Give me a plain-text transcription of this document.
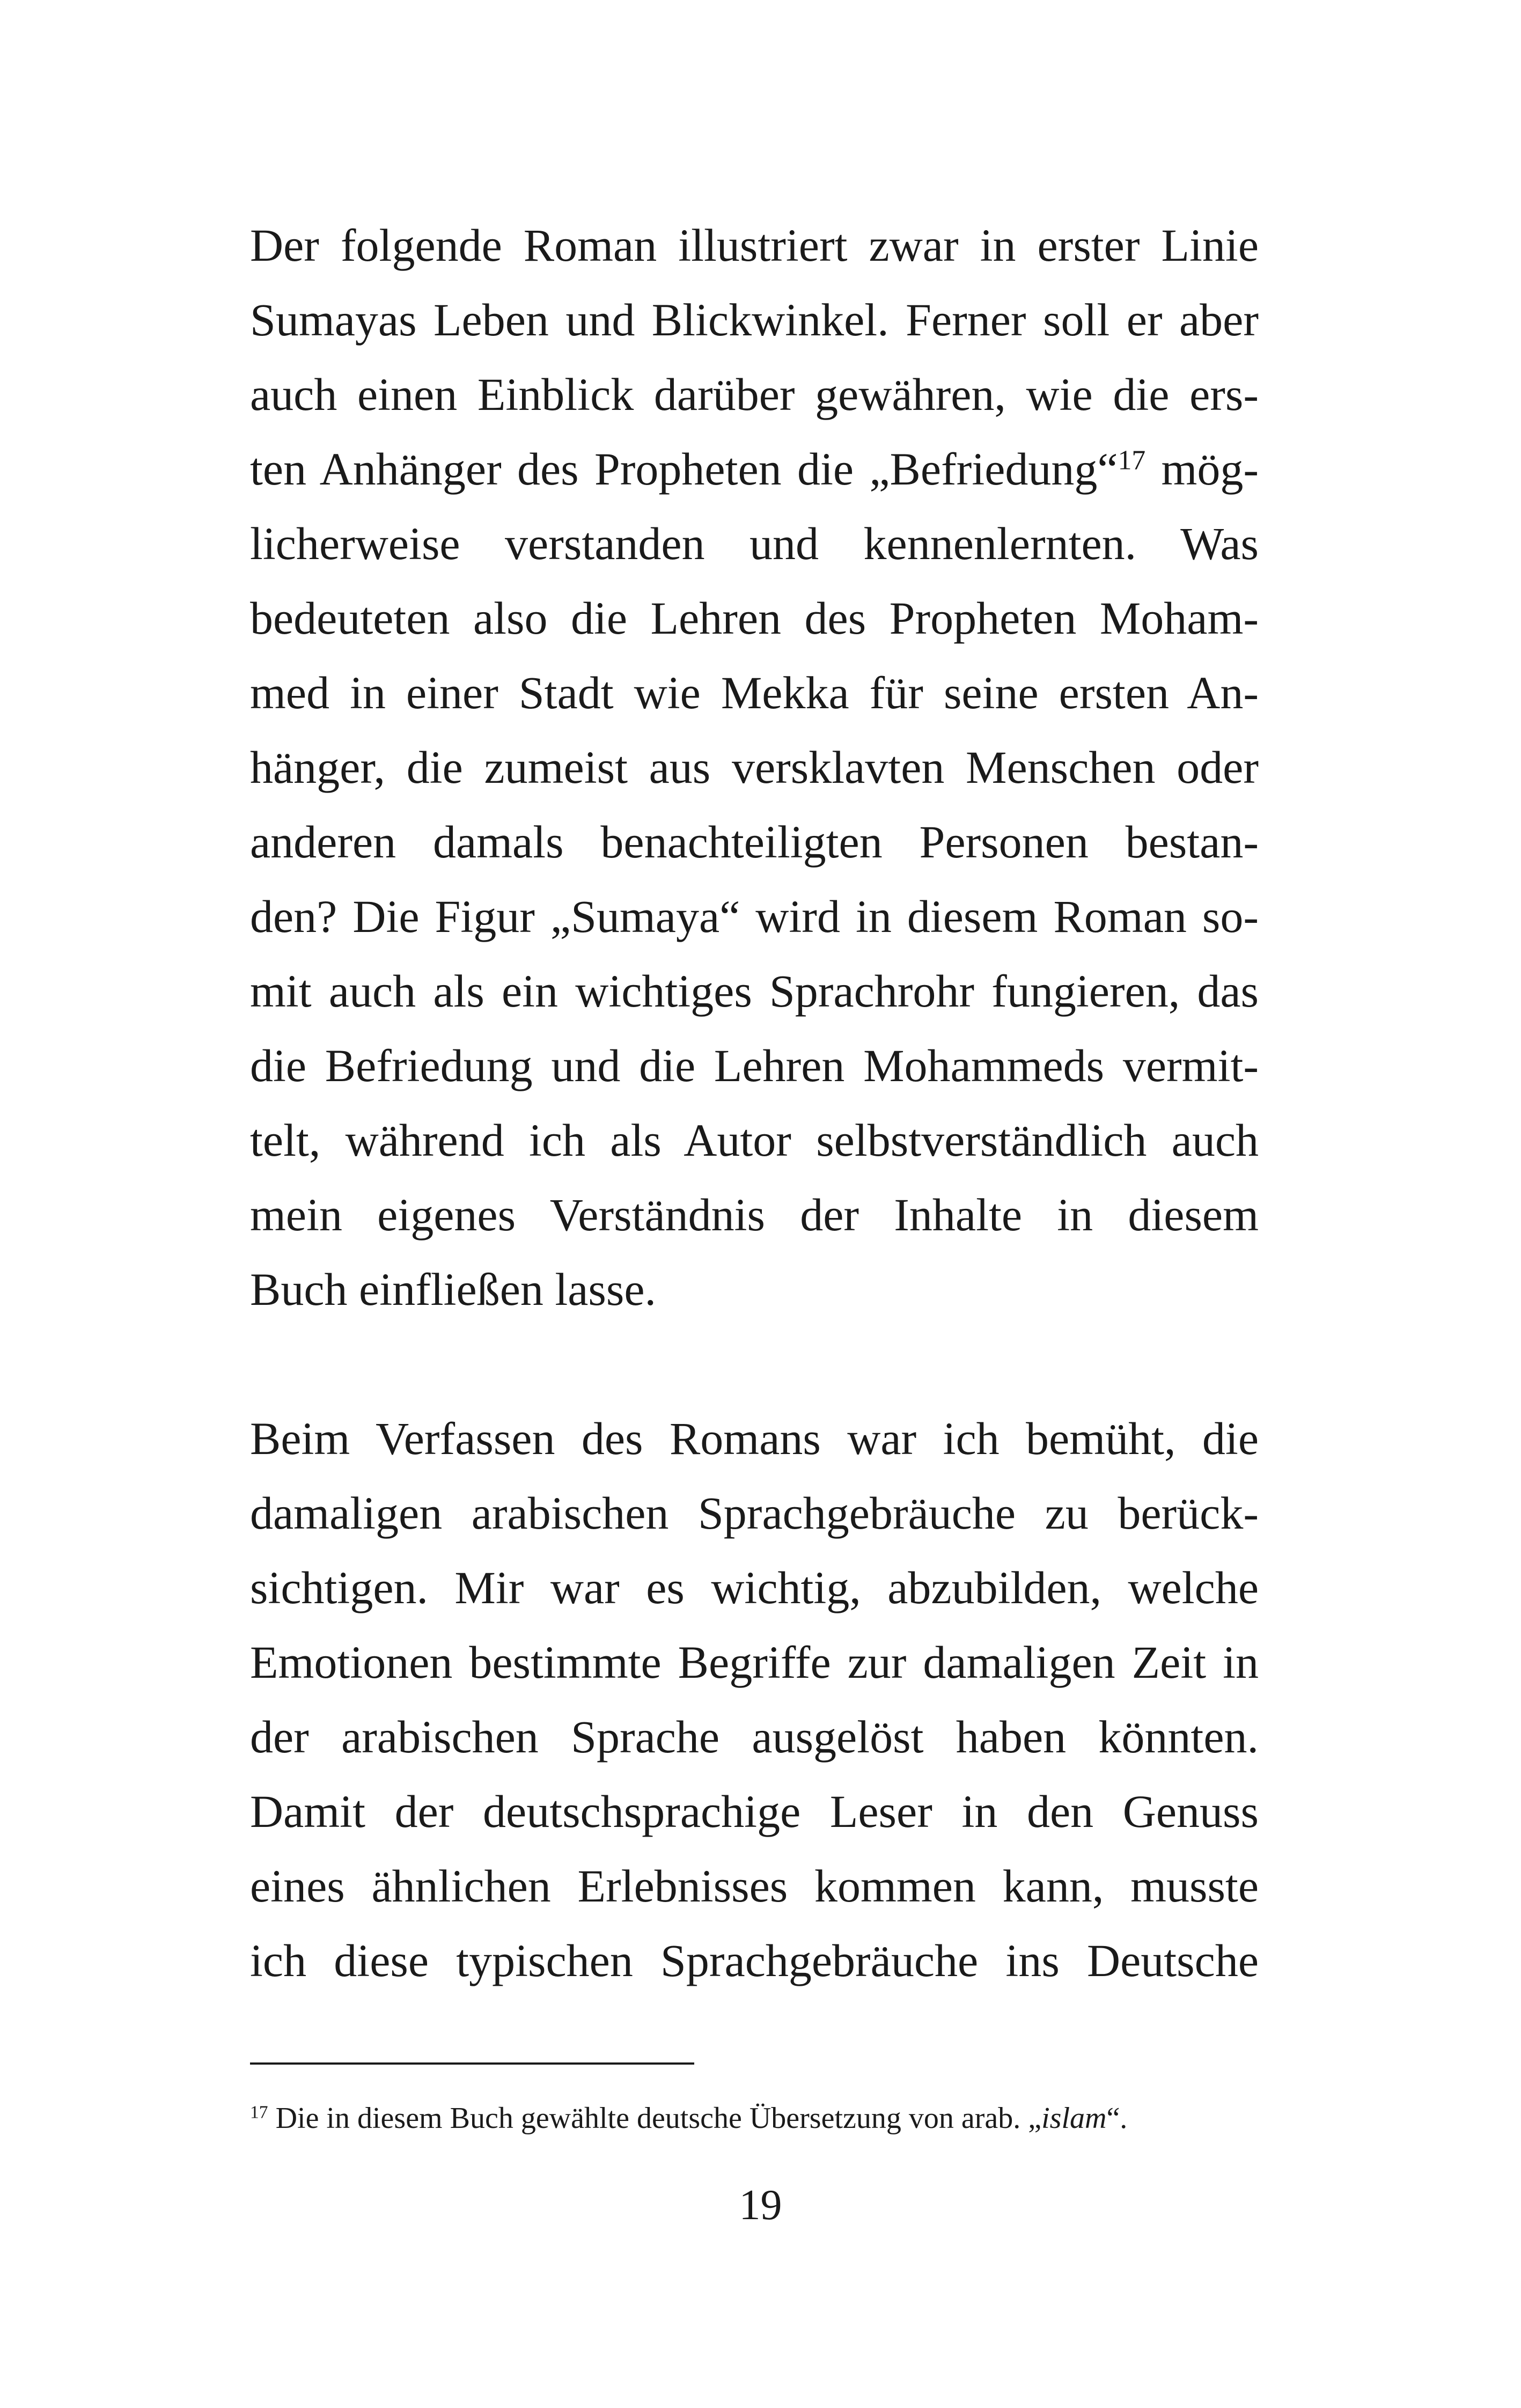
Der folgende Roman illustriert zwar in erster Linie
Sumayas Leben und Blickwinkel. Ferner soll er aber
auch einen Einblick darüber gewähren, wie die ers-
ten Anhänger des Propheten die „Befriedung“$^{17}$ mög-
licherweise verstanden und kennenlernten. Was
bedeuteten also die Lehren des Propheten Moham-
med in einer Stadt wie Mekka für seine ersten An-
hänger, die zumeist aus versklavten Menschen oder
anderen damals benachteiligten Personen bestan-
den? Die Figur „Sumaya“ wird in diesem Roman so-
mit auch als ein wichtiges Sprachrohr fungieren, das
die Befriedung und die Lehren Mohammeds vermit-
telt, während ich als Autor selbstverständlich auch
mein eigenes Verständnis der Inhalte in diesem
Buch einfließen lasse.
Beim Verfassen des Romans war ich bemüht, die
damaligen arabischen Sprachgebräuche zu berück-
sichtigen. Mir war es wichtig, abzubilden, welche
Emotionen bestimmte Begriffe zur damaligen Zeit in
der arabischen Sprache ausgelöst haben könnten.
Damit der deutschsprachige Leser in den Genuss
eines ähnlichen Erlebnisses kommen kann, musste
ich diese typischen Sprachgebräuche ins Deutsche
$^{17}$ Die in diesem Buch gewählte deutsche Übersetzung von arab. „islam“.
19
